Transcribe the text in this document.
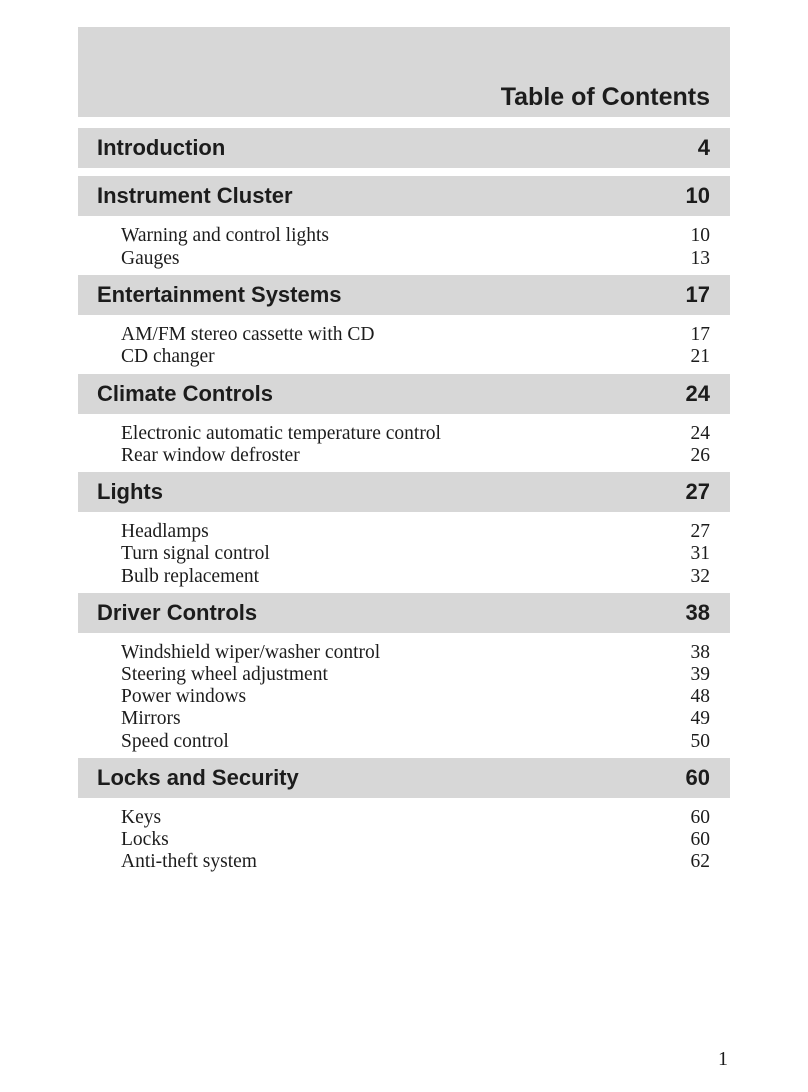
Table of Contents
Introduction	4
Instrument Cluster	10
Warning and control lights	10
Gauges	13
Entertainment Systems	17
AM/FM stereo cassette with CD	17
CD changer	21
Climate Controls	24
Electronic automatic temperature control	24
Rear window defroster	26
Lights	27
Headlamps	27
Turn signal control	31
Bulb replacement	32
Driver Controls	38
Windshield wiper/washer control	38
Steering wheel adjustment	39
Power windows	48
Mirrors	49
Speed control	50
Locks and Security	60
Keys	60
Locks	60
Anti-theft system	62
1
